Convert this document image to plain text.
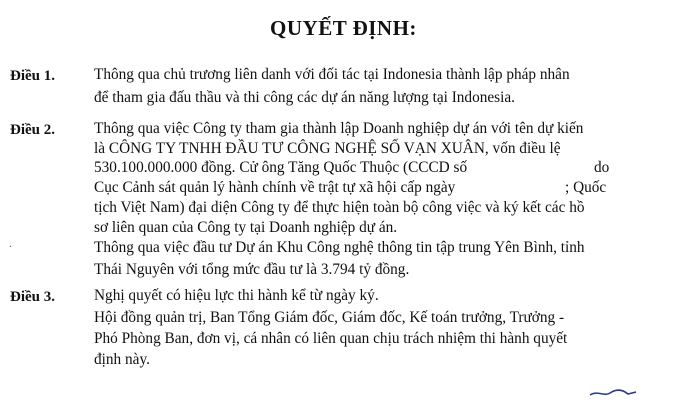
QUYẾT ĐỊNH:
Điều 1.	Thông qua chủ trương liên danh với đối tác tại Indonesia thành lập pháp nhân
để tham gia đấu thầu và thi công các dự án năng lượng tại Indonesia.
Điều 2.	Thông qua việc Công ty tham gia thành lập Doanh nghiệp dự án với tên dự kiến
là CÔNG TY TNHH ĐẦU TƯ CÔNG NGHỆ SỐ VẠN XUÂN, vốn điều lệ
530.100.000.000 đồng. Cử ông Tăng Quốc Thuộc (CCCD số	do
Cục Cảnh sát quản lý hành chính về trật tự xã hội cấp ngày	; Quốc
tịch Việt Nam) đại diện Công ty để thực hiện toàn bộ công việc và ký kết các hồ
sơ liên quan của Công ty tại Doanh nghiệp dự án.
.	Thông qua việc đầu tư Dự án Khu Công nghệ thông tin tập trung Yên Bình, tỉnh
Thái Nguyên với tổng mức đầu tư là 3.794 tỷ đồng.
Điều 3.	Nghị quyết có hiệu lực thi hành kể từ ngày ký.
Hội đồng quản trị, Ban Tổng Giám đốc, Giám đốc, Kế toán trưởng, Trưởng -
Phó Phòng Ban, đơn vị, cá nhân có liên quan chịu trách nhiệm thi hành quyết
định này.
